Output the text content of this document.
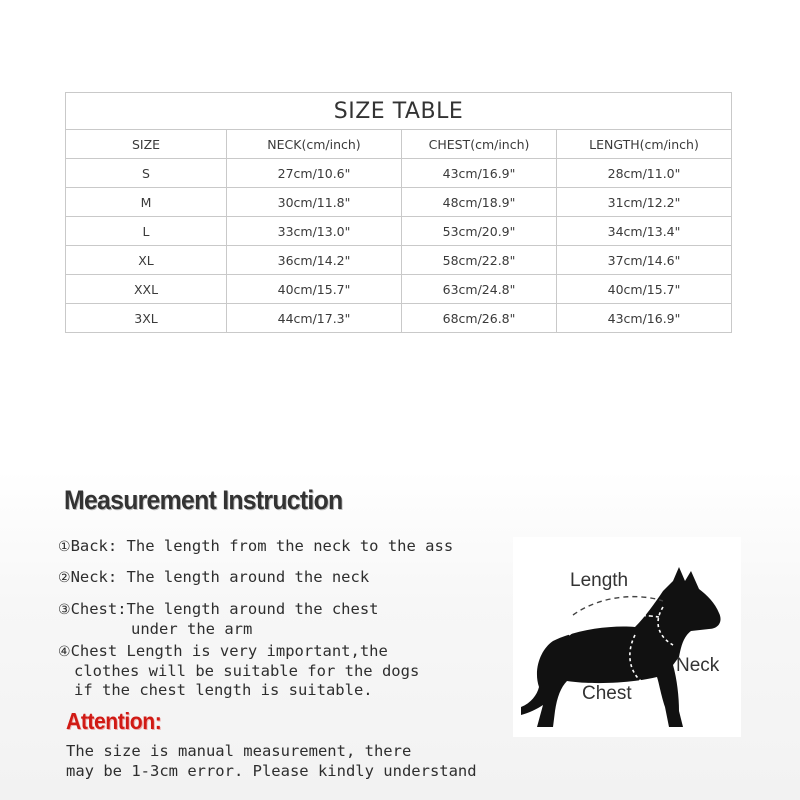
SIZE TABLE			
SIZE	NECK(cm/inch)	CHEST(cm/inch)	LENGTH(cm/inch)
S	27cm/10.6"	43cm/16.9"	28cm/11.0"
M	30cm/11.8"	48cm/18.9"	31cm/12.2"
L	33cm/13.0"	53cm/20.9"	34cm/13.4"
XL	36cm/14.2"	58cm/22.8"	37cm/14.6"
XXL	40cm/15.7"	63cm/24.8"	40cm/15.7"
3XL	44cm/17.3"	68cm/26.8"	43cm/16.9"
Measurement Instruction
①Back: The length from the neck to the ass
②Neck: The length around the neck
③Chest:The length around the chest
under the arm
④Chest Length is very important,the
clothes will be suitable for the dogs
if the chest length is suitable.
Attention:
The size is manual measurement, there
may be 1-3cm error. Please kindly understand
Length
Neck
Chest
